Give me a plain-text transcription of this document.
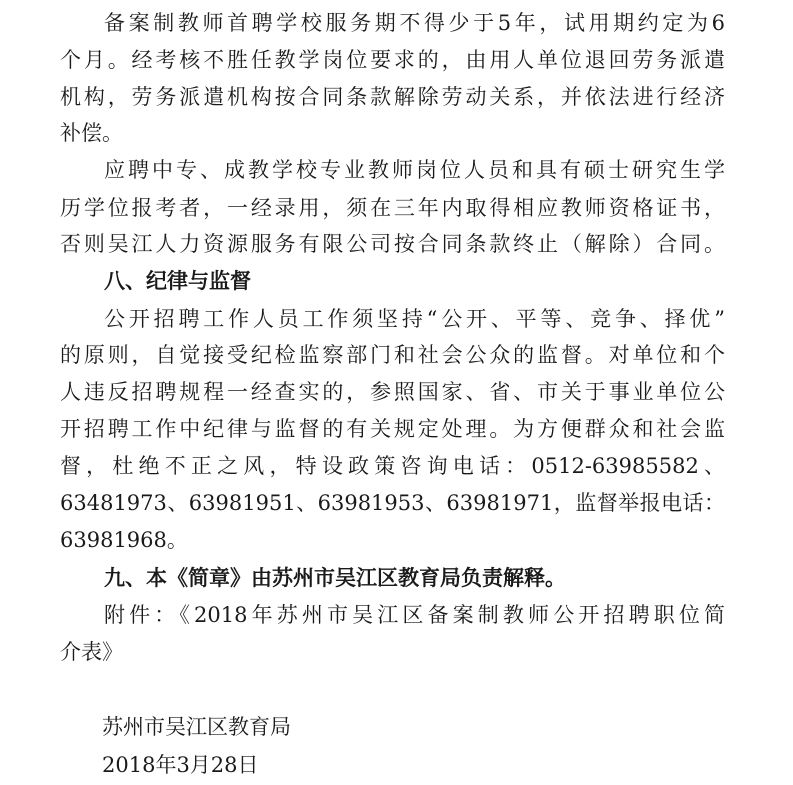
备案制教师首聘学校服务期不得少于5年，试用期约定为6
个月。经考核不胜任教学岗位要求的，由用人单位退回劳务派遣
机构，劳务派遣机构按合同条款解除劳动关系，并依法进行经济
补偿。
应聘中专、成教学校专业教师岗位人员和具有硕士研究生学
历学位报考者，一经录用，须在三年内取得相应教师资格证书，
否则吴江人力资源服务有限公司按合同条款终止（解除）合同。
八、纪律与监督
公开招聘工作人员工作须坚持“公开、平等、竞争、择优”
的原则，自觉接受纪检监察部门和社会公众的监督。对单位和个
人违反招聘规程一经查实的，参照国家、省、市关于事业单位公
开招聘工作中纪律与监督的有关规定处理。为方便群众和社会监
督，杜绝不正之风，特设政策咨询电话：0512-63985582、
63481973、63981951、63981953、63981971，监督举报电话：
63981968。
九、本《简章》由苏州市吴江区教育局负责解释。
附件：《2018年苏州市吴江区备案制教师公开招聘职位简
介表》
苏州市吴江区教育局
2018年3月28日
